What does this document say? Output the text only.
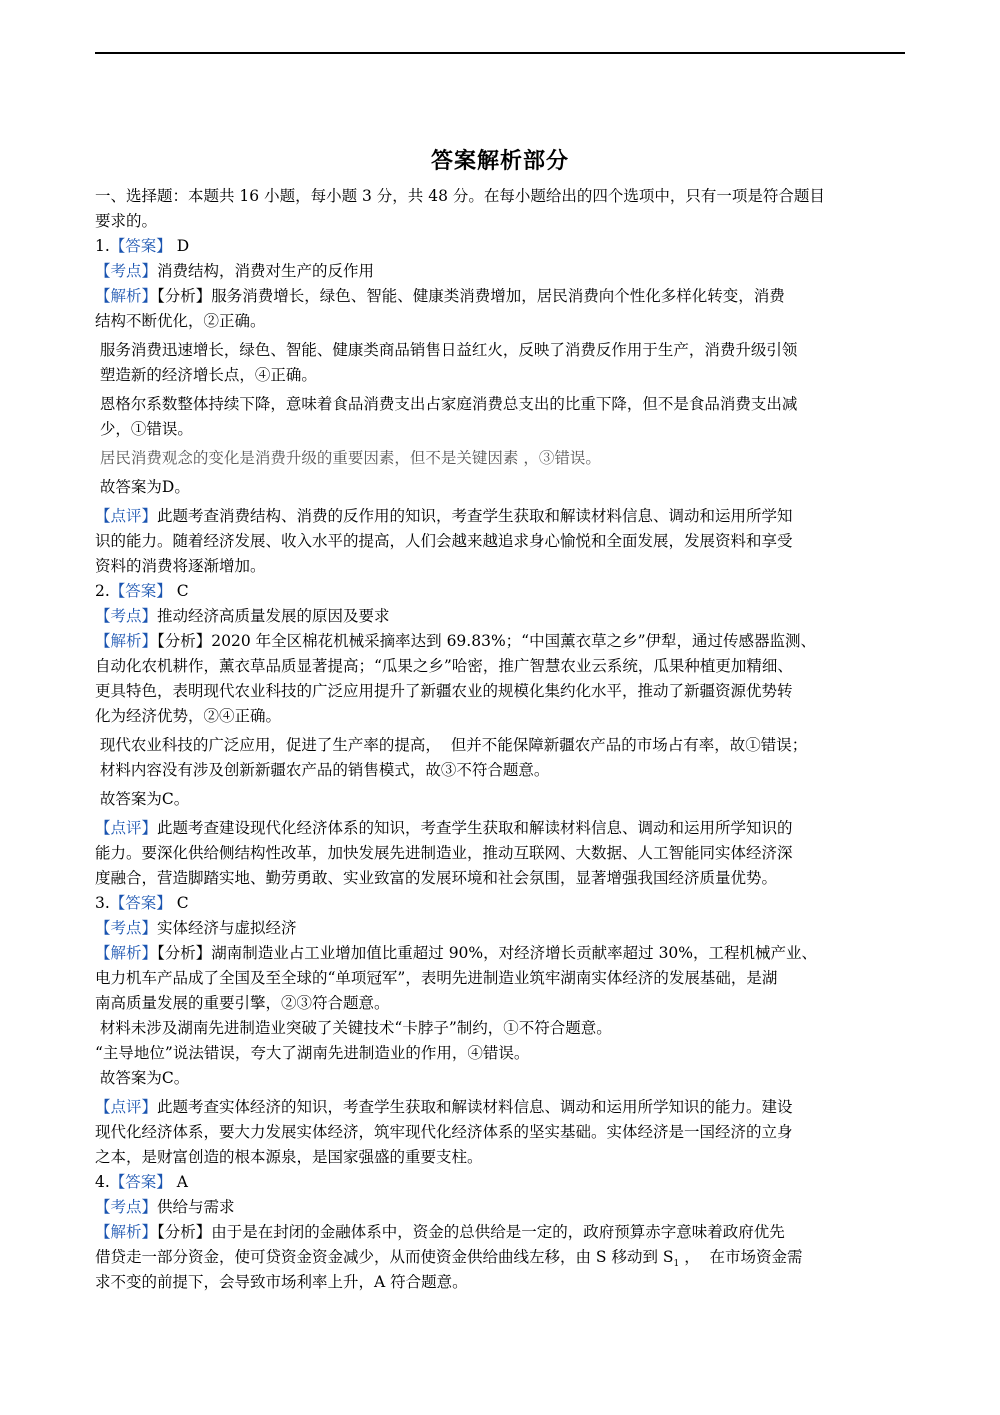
答案解析部分

一、选择题：本题共 16 小题，每小题 3 分，共 48 分。在每小题给出的四个选项中，只有一项是符合题目

要求的。

1.【答案】 D

【考点】消费结构，消费对生产的反作用

【解析】【分析】服务消费增长，绿色、智能、健康类消费增加，居民消费向个性化多样化转变，消费

结构不断优化，②正确。

服务消费迅速增长，绿色、智能、健康类商品销售日益红火，反映了消费反作用于生产，消费升级引领

塑造新的经济增长点，④正确。

恩格尔系数整体持续下降，意味着食品消费支出占家庭消费总支出的比重下降，但不是食品消费支出减

少，①错误。

居民消费观念的变化是消费升级的重要因素，但不是关键因素 ，③错误。

故答案为D。

【点评】此题考查消费结构、消费的反作用的知识，考查学生获取和解读材料信息、调动和运用所学知

识的能力。随着经济发展、收入水平的提高，人们会越来越追求身心愉悦和全面发展，发展资料和享受

资料的消费将逐渐增加。

2.【答案】 C

【考点】推动经济高质量发展的原因及要求

【解析】【分析】2020 年全区棉花机械采摘率达到 69.83%；“中国薰衣草之乡”伊犁，通过传感器监测、

自动化农机耕作，薰衣草品质显著提高；“瓜果之乡”哈密，推广智慧农业云系统，瓜果种植更加精细、

更具特色，表明现代农业科技的广泛应用提升了新疆农业的规模化集约化水平，推动了新疆资源优势转

化为经济优势，②④正确。

现代农业科技的广泛应用，促进了生产率的提高，  但并不能保障新疆农产品的市场占有率，故①错误；

材料内容没有涉及创新新疆农产品的销售模式，故③不符合题意。

故答案为C。

【点评】此题考查建设现代化经济体系的知识，考查学生获取和解读材料信息、调动和运用所学知识的

能力。要深化供给侧结构性改革，加快发展先进制造业，推动互联网、大数据、人工智能同实体经济深

度融合，营造脚踏实地、勤劳勇敢、实业致富的发展环境和社会氛围，显著增强我国经济质量优势。

3.【答案】 C

【考点】实体经济与虚拟经济

【解析】【分析】湖南制造业占工业增加值比重超过 90%，对经济增长贡献率超过 30%，工程机械产业、

电力机车产品成了全国及至全球的“单项冠军”，表明先进制造业筑牢湖南实体经济的发展基础，是湖

南高质量发展的重要引擎，②③符合题意。

材料未涉及湖南先进制造业突破了关键技术“卡脖子”制约，①不符合题意。

“主导地位”说法错误，夸大了湖南先进制造业的作用，④错误。

故答案为C。

【点评】此题考查实体经济的知识，考查学生获取和解读材料信息、调动和运用所学知识的能力。建设

现代化经济体系，要大力发展实体经济，筑牢现代化经济体系的坚实基础。实体经济是一国经济的立身

之本，是财富创造的根本源泉，是国家强盛的重要支柱。

4.【答案】 A

【考点】供给与需求

【解析】【分析】由于是在封闭的金融体系中，资金的总供给是一定的，政府预算赤字意味着政府优先

借贷走一部分资金，使可贷资金资金减少，从而使资金供给曲线左移，由 S 移动到 $S_1$ ，  在市场资金需

求不变的前提下，会导致市场利率上升，A 符合题意。
